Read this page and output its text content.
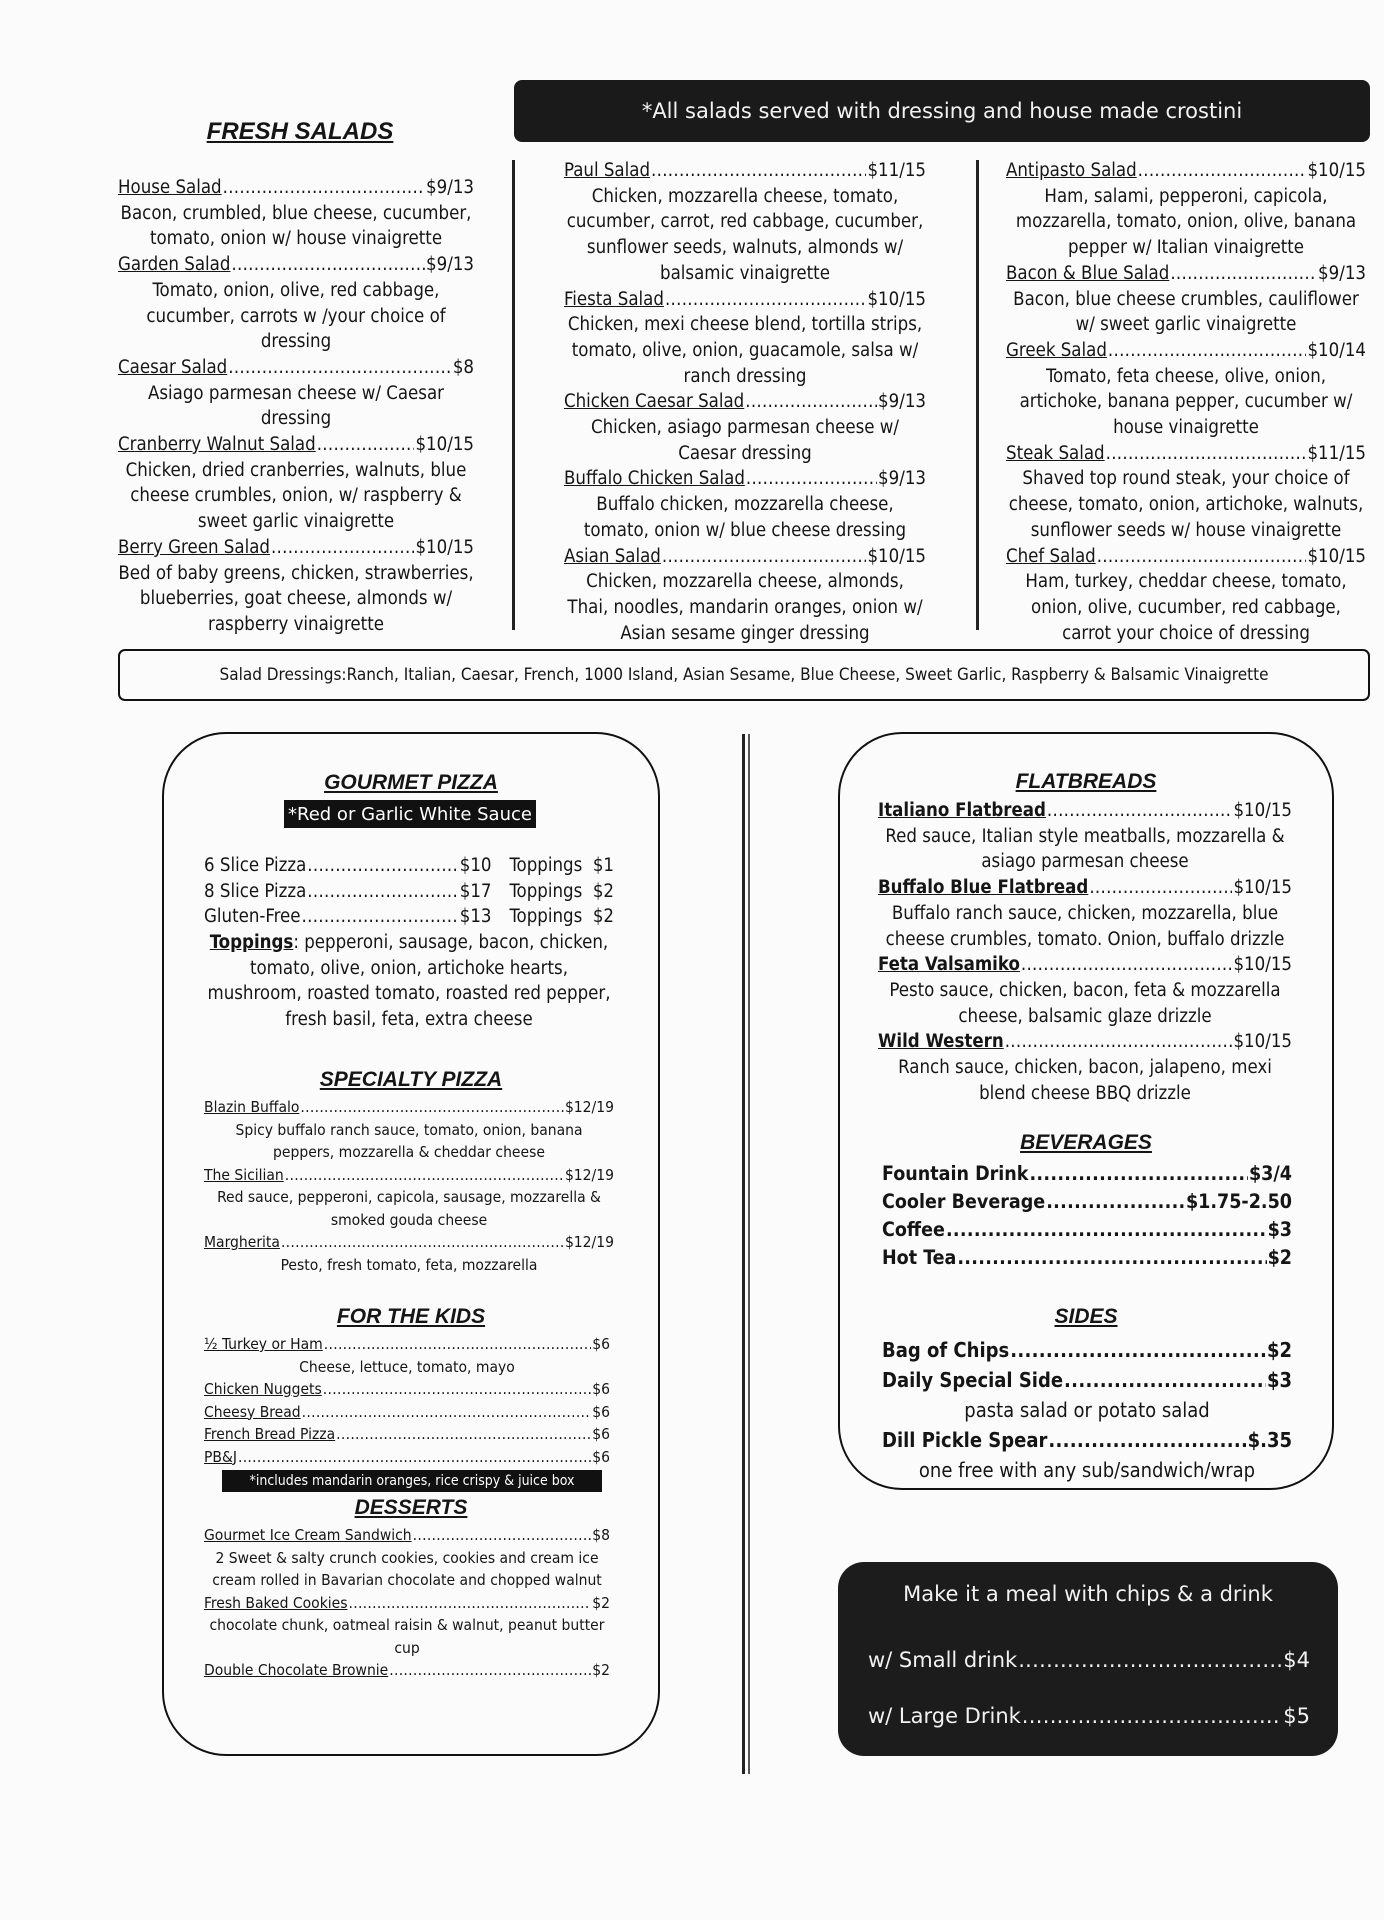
*All salads served with dressing and house made crostini
FRESH SALADS
House Salad .....	$9/13
Bacon, crumbled, blue cheese, cucumber, tomato, onion w/ house vinaigrette
Garden Salad .....	$9/13
Tomato, onion, olive, red cabbage, cucumber, carrots w /your choice of dressing
Caesar Salad .....	$8
Asiago parmesan cheese w/ Caesar dressing
Cranberry Walnut Salad .....	$10/15
Chicken, dried cranberries, walnuts, blue cheese crumbles, onion, w/ raspberry & sweet garlic vinaigrette
Berry Green Salad .....	$10/15
Bed of baby greens, chicken, strawberries, blueberries, goat cheese, almonds w/ raspberry vinaigrette
Paul Salad .....	$11/15
Chicken, mozzarella cheese, tomato, cucumber, carrot, red cabbage, cucumber, sunflower seeds, walnuts, almonds w/ balsamic vinaigrette
Fiesta Salad .....	$10/15
Chicken, mexi cheese blend, tortilla strips, tomato, olive, onion, guacamole, salsa w/ ranch dressing
Chicken Caesar Salad .....	$9/13
Chicken, asiago parmesan cheese w/ Caesar dressing
Buffalo Chicken Salad .....	$9/13
Buffalo chicken, mozzarella cheese, tomato, onion w/ blue cheese dressing
Asian Salad .....	$10/15
Chicken, mozzarella cheese, almonds, Thai, noodles, mandarin oranges, onion w/ Asian sesame ginger dressing
Antipasto Salad .....	$10/15
Ham, salami, pepperoni, capicola, mozzarella, tomato, onion, olive, banana pepper w/ Italian vinaigrette
Bacon & Blue Salad .....	$9/13
Bacon, blue cheese crumbles, cauliflower w/ sweet garlic vinaigrette
Greek Salad .....	$10/14
Tomato, feta cheese, olive, onion, artichoke, banana pepper, cucumber w/ house vinaigrette
Steak Salad .....	$11/15
Shaved top round steak, your choice of cheese, tomato, onion, artichoke, walnuts, sunflower seeds w/ house vinaigrette
Chef Salad .....	$10/15
Ham, turkey, cheddar cheese, tomato, onion, olive, cucumber, red cabbage, carrot your choice of dressing
Salad Dressings: Ranch, Italian, Caesar, French, 1000 Island, Asian Sesame, Blue Cheese, Sweet Garlic, Raspberry & Balsamic Vinaigrette
GOURMET PIZZA
*Red or Garlic White Sauce
6 Slice Pizza .....	$10 Toppings  $1
8 Slice Pizza .....	$17 Toppings  $2
Gluten-Free .....	$13 Toppings  $2
Toppings: pepperoni, sausage, bacon, chicken, tomato, olive, onion, artichoke hearts, mushroom, roasted tomato, roasted red pepper, fresh basil, feta, extra cheese
SPECIALTY PIZZA
Blazin Buffalo .....	$12/19
Spicy buffalo ranch sauce, tomato, onion, banana peppers, mozzarella & cheddar cheese
The Sicilian .....	$12/19
Red sauce, pepperoni, capicola, sausage, mozzarella & smoked gouda cheese
Margherita .....	$12/19
Pesto, fresh tomato, feta, mozzarella
FOR THE KIDS
½ Turkey or Ham .....	$6
Cheese, lettuce, tomato, mayo
Chicken Nuggets .....	$6
Cheesy Bread .....	$6
French Bread Pizza .....	$6
PB&J .....	$6
*includes mandarin oranges, rice crispy & juice box
DESSERTS
Gourmet Ice Cream Sandwich .....	$8
2 Sweet & salty crunch cookies, cookies and cream ice cream rolled in Bavarian chocolate and chopped walnut
Fresh Baked Cookies .....	$2
chocolate chunk, oatmeal raisin & walnut, peanut butter cup
Double Chocolate Brownie .....	$2
FLATBREADS
Italiano Flatbread .....	$10/15
Red sauce, Italian style meatballs, mozzarella & asiago parmesan cheese
Buffalo Blue Flatbread .....	$10/15
Buffalo ranch sauce, chicken, mozzarella, blue cheese crumbles, tomato. Onion, buffalo drizzle
Feta Valsamiko .....	$10/15
Pesto sauce, chicken, bacon, feta & mozzarella cheese, balsamic glaze drizzle
Wild Western .....	$10/15
Ranch sauce, chicken, bacon, jalapeno, mexi blend cheese BBQ drizzle
BEVERAGES
Fountain Drink .....	$3/4
Cooler Beverage .....	$1.75-2.50
Coffee .....	$3
Hot Tea .....	$2
SIDES
Bag of Chips .....	$2
Daily Special Side .....	$3
pasta salad or potato salad
Dill Pickle Spear .....	$.35
one free with any sub/sandwich/wrap
Make it a meal with chips & a drink
w/ Small drink .....	$4
w/ Large Drink .....	$5
